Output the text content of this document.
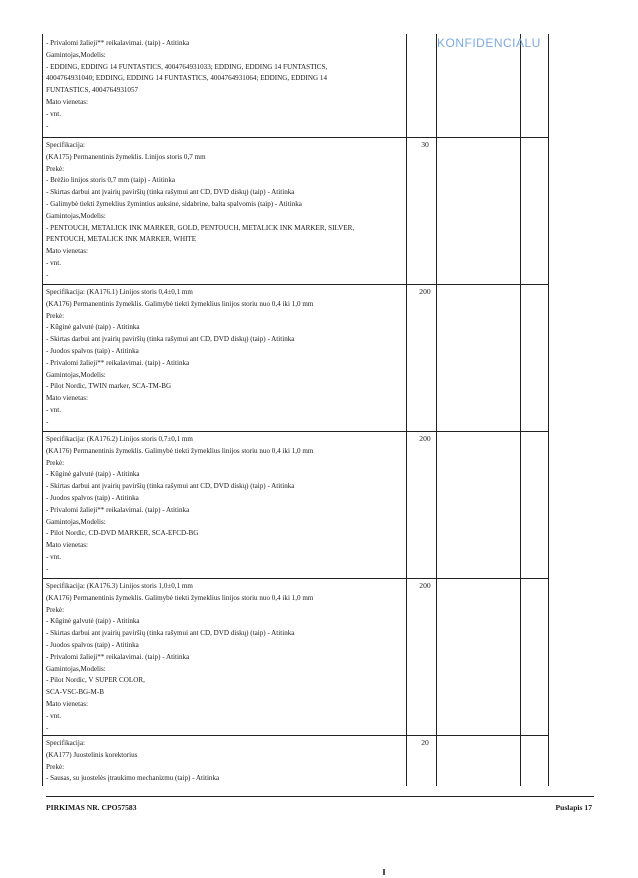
KONFIDENCIALU
- Privalomi žalieji** reikalavimai. (taip) - Atitinka
Gamintojas,Modelis:
- EDDING, EDDING 14 FUNTASTICS, 4004764931033; EDDING, EDDING 14 FUNTASTICS,
4004764931040; EDDING, EDDING 14 FUNTASTICS, 4004764931064; EDDING, EDDING 14
FUNTASTICS, 4004764931057
Mato vienetas:
- vnt.
-
Specifikacija:
(KA175) Permanentinis žymeklis. Linijos storis 0,7 mm
Prekė:
- Brėžio linijos storis 0,7 mm (taip) - Atitinka
- Skirtas darbui ant įvairių paviršių (tinka rašymui ant CD, DVD diskų) (taip) - Atitinka
- Galimybė tiekti žymeklius žymintius auksine, sidabrine, balta spalvomis (taip) - Atitinka
Gamintojas,Modelis:
- PENTOUCH, METALICK INK MARKER, GOLD, PENTOUCH, METALICK INK MARKER, SILVER,
PENTOUCH, METALICK INK MARKER, WHITE
Mato vienetas:
- vnt.
-
30
Specifikacija: (KA176.1) Linijos storis 0,4±0,1 mm
(KA176) Permanentinis žymeklis. Galimybė tiekti žymeklius linijos storiu nuo 0,4 iki 1,0 mm
Prekė:
- Kūginė galvutė (taip) - Atitinka
- Skirtas darbui ant įvairių paviršių (tinka rašymui ant CD, DVD diskų) (taip) - Atitinka
- Juodos spalvos (taip) - Atitinka
- Privalomi žalieji** reikalavimai. (taip) - Atitinka
Gamintojas,Modelis:
- Pilot Nordic, TWIN marker, SCA-TM-BG
Mato vienetas:
- vnt.
-
200
Specifikacija: (KA176.2) Linijos storis 0,7±0,1 mm
(KA176) Permanentinis žymeklis. Galimybė tiekti žymeklius linijos storiu nuo 0,4 iki 1,0 mm
Prekė:
- Kūginė galvutė (taip) - Atitinka
- Skirtas darbui ant įvairių paviršių (tinka rašymui ant CD, DVD diskų) (taip) - Atitinka
- Juodos spalvos (taip) - Atitinka
- Privalomi žalieji** reikalavimai. (taip) - Atitinka
Gamintojas,Modelis:
- Pilot Nordic, CD-DVD MARKER, SCA-EFCD-BG
Mato vienetas:
- vnt.
-
200
Specifikacija: (KA176.3) Linijos storis 1,0±0,1 mm
(KA176) Permanentinis žymeklis. Galimybė tiekti žymeklius linijos storiu nuo 0,4 iki 1,0 mm
Prekė:
- Kūginė galvutė (taip) - Atitinka
- Skirtas darbui ant įvairių paviršių (tinka rašymui ant CD, DVD diskų) (taip) - Atitinka
- Juodos spalvos (taip) - Atitinka
- Privalomi žalieji** reikalavimai. (taip) - Atitinka
Gamintojas,Modelis:
- Pilot Nordic, V SUPER COLOR,
SCA-VSC-BG-M-B
Mato vienetas:
- vnt.
-
200
Specifikacija:
(KA177) Juostelinis korektorius
Prekė:
- Sausas, su juostelės įtraukimo mechanizmu (taip) - Atitinka
20
PIRKIMAS NR. CPO57583	Puslapis 17
